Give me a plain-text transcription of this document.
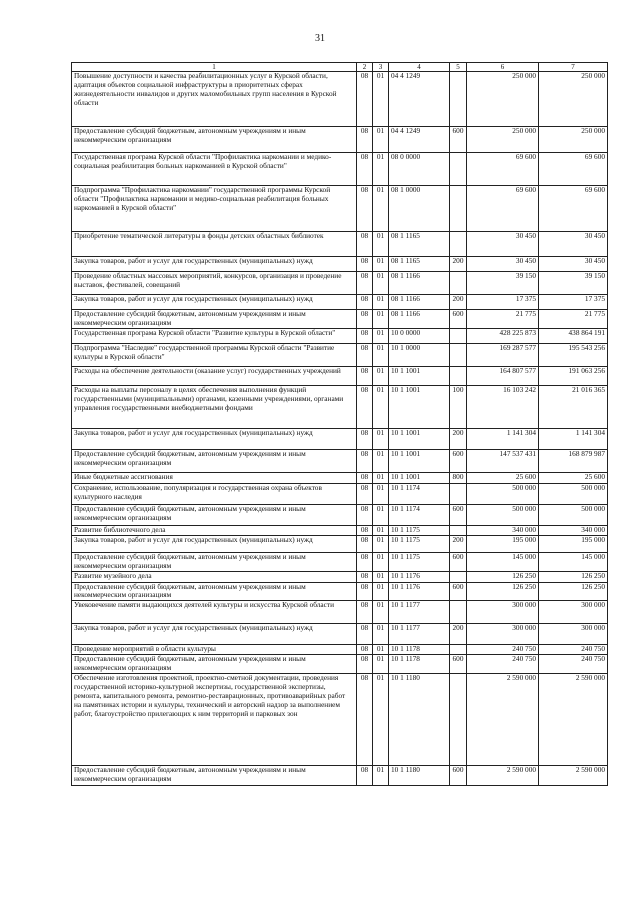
31
1	2	3	4	5	6	7
Повышение доступности и качества реабилитационных услуг в Курской области, адаптация объектов социальной инфраструктуры в приоритетных сферах жизнедеятельности инвалидов и других маломобильных групп населения в Курской области	08	01	04 4 1249		250 000	250 000
Предоставление субсидий бюджетным, автономным учреждениям и иным некоммерческим организациям	08	01	04 4 1249	600	250 000	250 000
Государственная програма Курской области "Профилактика наркомании и медико-социальная реабилитация больных наркоманией в Курской области"	08	01	08 0 0000		69 600	69 600
Подпрограмма "Профилактика наркомании" государственной программы Курской области "Профилактика наркомании и медико-социальная реабилитация больных наркоманией в Курской области"	08	01	08 1 0000		69 600	69 600
Приобретение тематической литературы в фонды детских областных библиотек	08	01	08 1 1165		30 450	30 450
Закупка товаров, работ и услуг для государственных (муниципальных) нужд	08	01	08 1 1165	200	30 450	30 450
Проведение областных массовых мероприятий, конкурсов, организация и проведение выставок, фестивалей, совещаний	08	01	08 1 1166		39 150	39 150
Закупка товаров, работ и услуг для государственных (муниципальных) нужд	08	01	08 1 1166	200	17 375	17 375
Предоставление субсидий бюджетным, автономным учреждениям и иным некоммерческим организациям	08	01	08 1 1166	600	21 775	21 775
Государственная програма Курской области "Развитие культуры в Курской области"	08	01	10 0 0000		428 225 873	438 864 191
Подпрограмма "Наследие" государственной программы Курской области "Развитие культуры в Курской области"	08	01	10 1 0000		169 287 577	195 543 256
Расходы на обеспечение деятельности (оказание услуг) государственных учреждений	08	01	10 1 1001		164 807 577	191 063 256
Расходы на выплаты персоналу в целях обеспечения выполнения функций государственными (муниципальными) органами, казенными учреждениями, органами управления государственными внебюджетными фондами	08	01	10 1 1001	100	16 103 242	21 016 365
Закупка товаров, работ и услуг для государственных (муниципальных) нужд	08	01	10 1 1001	200	1 141 304	1 141 304
Предоставление субсидий бюджетным, автономным учреждениям и иным некоммерческим организациям	08	01	10 1 1001	600	147 537 431	168 879 987
Иные бюджетные ассигнования	08	01	10 1 1001	800	25 600	25 600
Сохранение, использование, популяризация и государственная охрана объектов культурного наследия	08	01	10 1 1174		500 000	500 000
Предоставление субсидий бюджетным, автономным учреждениям и иным некоммерческим организациям	08	01	10 1 1174	600	500 000	500 000
Развитие библиотечного дела	08	01	10 1 1175		340 000	340 000
Закупка товаров, работ и услуг для государственных (муниципальных) нужд	08	01	10 1 1175	200	195 000	195 000
Предоставление субсидий бюджетным, автономным учреждениям и иным некоммерческим организациям	08	01	10 1 1175	600	145 000	145 000
Развитие музейного дела	08	01	10 1 1176		126 250	126 250
Предоставление субсидий бюджетным, автономным учреждениям и иным некоммерческим организациям	08	01	10 1 1176	600	126 250	126 250
Увековечение памяти выдающихся деятелей культуры и искусства Курской области	08	01	10 1 1177		300 000	300 000
Закупка товаров, работ и услуг для государственных (муниципальных) нужд	08	01	10 1 1177	200	300 000	300 000
Проведение мероприятий в области культуры	08	01	10 1 1178		240 750	240 750
Предоставление субсидий бюджетным, автономным учреждениям и иным некоммерческим организациям	08	01	10 1 1178	600	240 750	240 750
Обеспечение изготовления проектной, проектно-сметной документации, проведения государственной историко-культурной экспертизы, государственной экспертизы, ремонта, капитального ремонта, ремонтно-реставрационных, противоаварийных работ на памятниках истории и культуры, технический и авторский надзор за выполнением работ, благоустройство прилегающих к ним территорий и парковых зон	08	01	10 1 1180		2 590 000	2 590 000
Предоставление субсидий бюджетным, автономным учреждениям и иным некоммерческим организациям	08	01	10 1 1180	600	2 590 000	2 590 000
